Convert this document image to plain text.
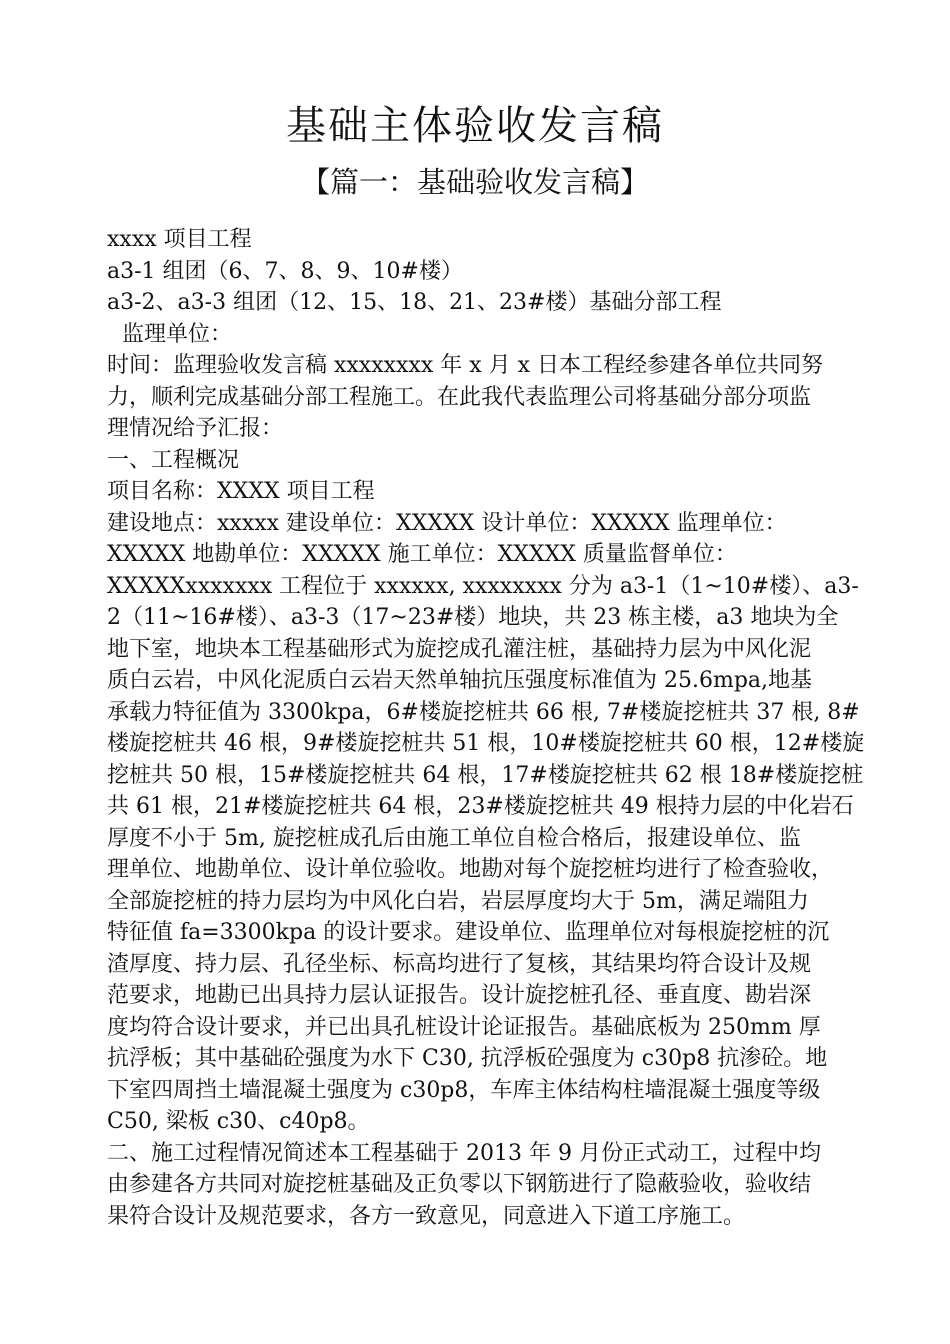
基础主体验收发言稿
【篇一：基础验收发言稿】
xxxx 项目工程
a3-1 组团（6、7、8、9、10#楼）
a3-2、a3-3 组团（12、15、18、21、23#楼）基础分部工程
监理单位：
时间：监理验收发言稿 xxxxxxxx 年 x 月 x 日本工程经参建各单位共同努
力，顺利完成基础分部工程施工。在此我代表监理公司将基础分部分项监
理情况给予汇报：
一、工程概况
项目名称：XXXX 项目工程
建设地点：xxxxx 建设单位：XXXXX 设计单位：XXXXX 监理单位：
XXXXX 地勘单位：XXXXX 施工单位：XXXXX 质量监督单位：
XXXXXxxxxxxx 工程位于 xxxxxx, xxxxxxxx 分为 a3-1（1~10#楼）、a3-
2（11~16#楼）、a3-3（17~23#楼）地块，共 23 栋主楼，a3 地块为全
地下室，地块本工程基础形式为旋挖成孔灌注桩，基础持力层为中风化泥
质白云岩，中风化泥质白云岩天然单轴抗压强度标准值为 25.6mpa,地基
承载力特征值为 3300kpa，6#楼旋挖桩共 66 根, 7#楼旋挖桩共 37 根, 8#
楼旋挖桩共 46 根，9#楼旋挖桩共 51 根，10#楼旋挖桩共 60 根，12#楼旋
挖桩共 50 根，15#楼旋挖桩共 64 根，17#楼旋挖桩共 62 根 18#楼旋挖桩
共 61 根，21#楼旋挖桩共 64 根，23#楼旋挖桩共 49 根持力层的中化岩石
厚度不小于 5m, 旋挖桩成孔后由施工单位自检合格后，报建设单位、监
理单位、地勘单位、设计单位验收。地勘对每个旋挖桩均进行了检查验收，
全部旋挖桩的持力层均为中风化白岩，岩层厚度均大于 5m，满足端阻力
特征值 fa=3300kpa 的设计要求。建设单位、监理单位对每根旋挖桩的沉
渣厚度、持力层、孔径坐标、标高均进行了复核，其结果均符合设计及规
范要求，地勘已出具持力层认证报告。设计旋挖桩孔径、垂直度、勘岩深
度均符合设计要求，并已出具孔桩设计论证报告。基础底板为 250mm 厚
抗浮板；其中基础砼强度为水下 C30, 抗浮板砼强度为 c30p8 抗渗砼。地
下室四周挡土墙混凝土强度为 c30p8，车库主体结构柱墙混凝土强度等级
C50, 梁板 c30、c40p8。
二、施工过程情况简述本工程基础于 2013 年 9 月份正式动工，过程中均
由参建各方共同对旋挖桩基础及正负零以下钢筋进行了隐蔽验收，验收结
果符合设计及规范要求，各方一致意见，同意进入下道工序施工。
